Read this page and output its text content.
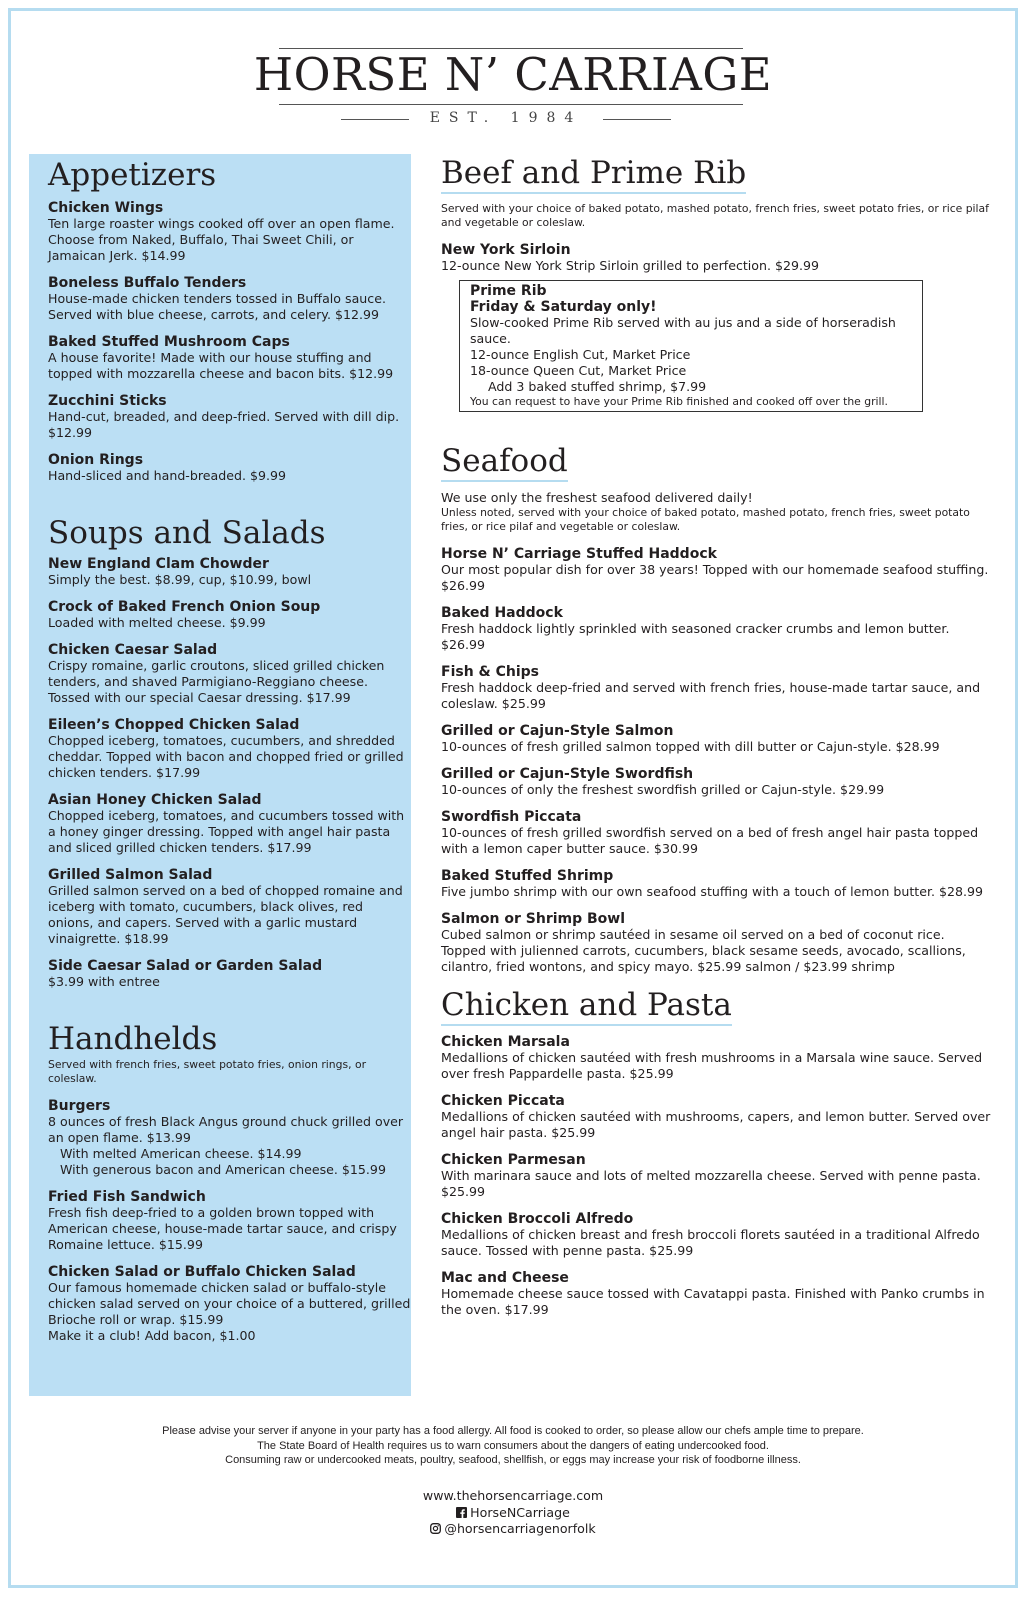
HORSE N’ CARRIAGE
EST. 1984
Appetizers
Chicken Wings
Ten large roaster wings cooked off over an open flame. Choose from Naked, Buffalo, Thai Sweet Chili, or Jamaican Jerk. $14.99
Boneless Buffalo Tenders
House-made chicken tenders tossed in Buffalo sauce. Served with blue cheese, carrots, and celery. $12.99
Baked Stuffed Mushroom Caps
A house favorite! Made with our house stuffing and topped with mozzarella cheese and bacon bits. $12.99
Zucchini Sticks
Hand-cut, breaded, and deep-fried. Served with dill dip. $12.99
Onion Rings
Hand-sliced and hand-breaded. $9.99
Soups and Salads
New England Clam Chowder
Simply the best. $8.99, cup, $10.99, bowl
Crock of Baked French Onion Soup
Loaded with melted cheese. $9.99
Chicken Caesar Salad
Crispy romaine, garlic croutons, sliced grilled chicken tenders, and shaved Parmigiano-Reggiano cheese. Tossed with our special Caesar dressing. $17.99
Eileen’s Chopped Chicken Salad
Chopped iceberg, tomatoes, cucumbers, and shredded cheddar. Topped with bacon and chopped fried or grilled chicken tenders. $17.99
Asian Honey Chicken Salad
Chopped iceberg, tomatoes, and cucumbers tossed with a honey ginger dressing. Topped with angel hair pasta and sliced grilled chicken tenders. $17.99
Grilled Salmon Salad
Grilled salmon served on a bed of chopped romaine and iceberg with tomato, cucumbers, black olives, red onions, and capers. Served with a garlic mustard vinaigrette. $18.99
Side Caesar Salad or Garden Salad
$3.99 with entree
Handhelds
Served with french fries, sweet potato fries, onion rings, or coleslaw.
Burgers
8 ounces of fresh Black Angus ground chuck grilled over an open flame. $13.99
With melted American cheese. $14.99
With generous bacon and American cheese. $15.99
Fried Fish Sandwich
Fresh fish deep-fried to a golden brown topped with American cheese, house-made tartar sauce, and crispy Romaine lettuce. $15.99
Chicken Salad or Buffalo Chicken Salad
Our famous homemade chicken salad or buffalo-style chicken salad served on your choice of a buttered, grilled Brioche roll or wrap. $15.99
Make it a club! Add bacon, $1.00
Beef and Prime Rib
Served with your choice of baked potato, mashed potato, french fries, sweet potato fries, or rice pilaf and vegetable or coleslaw.
New York Sirloin
12-ounce New York Strip Sirloin grilled to perfection. $29.99
Prime Rib
Friday & Saturday only!
Slow-cooked Prime Rib served with au jus and a side of horseradish sauce.
12-ounce English Cut, Market Price
18-ounce Queen Cut, Market Price
Add 3 baked stuffed shrimp, $7.99
You can request to have your Prime Rib finished and cooked off over the grill.
Seafood
We use only the freshest seafood delivered daily!
Unless noted, served with your choice of baked potato, mashed potato, french fries, sweet potato fries, or rice pilaf and vegetable or coleslaw.
Horse N’ Carriage Stuffed Haddock
Our most popular dish for over 38 years! Topped with our homemade seafood stuffing. $26.99
Baked Haddock
Fresh haddock lightly sprinkled with seasoned cracker crumbs and lemon butter. $26.99
Fish & Chips
Fresh haddock deep-fried and served with french fries, house-made tartar sauce, and coleslaw. $25.99
Grilled or Cajun-Style Salmon
10-ounces of fresh grilled salmon topped with dill butter or Cajun-style. $28.99
Grilled or Cajun-Style Swordfish
10-ounces of only the freshest swordfish grilled or Cajun-style. $29.99
Swordfish Piccata
10-ounces of fresh grilled swordfish served on a bed of fresh angel hair pasta topped with a lemon caper butter sauce. $30.99
Baked Stuffed Shrimp
Five jumbo shrimp with our own seafood stuffing with a touch of lemon butter. $28.99
Salmon or Shrimp Bowl
Cubed salmon or shrimp sautéed in sesame oil served on a bed of coconut rice. Topped with julienned carrots, cucumbers, black sesame seeds, avocado, scallions, cilantro, fried wontons, and spicy mayo. $25.99 salmon / $23.99 shrimp
Chicken and Pasta
Chicken Marsala
Medallions of chicken sautéed with fresh mushrooms in a Marsala wine sauce. Served over fresh Pappardelle pasta. $25.99
Chicken Piccata
Medallions of chicken sautéed with mushrooms, capers, and lemon butter. Served over angel hair pasta. $25.99
Chicken Parmesan
With marinara sauce and lots of melted mozzarella cheese. Served with penne pasta. $25.99
Chicken Broccoli Alfredo
Medallions of chicken breast and fresh broccoli florets sautéed in a traditional Alfredo sauce. Tossed with penne pasta. $25.99
Mac and Cheese
Homemade cheese sauce tossed with Cavatappi pasta. Finished with Panko crumbs in the oven. $17.99
Please advise your server if anyone in your party has a food allergy. All food is cooked to order, so please allow our chefs ample time to prepare.
The State Board of Health requires us to warn consumers about the dangers of eating undercooked food.
Consuming raw or undercooked meats, poultry, seafood, shellfish, or eggs may increase your risk of foodborne illness.
www.thehorsencarriage.com
HorseNCarriage
@horsencarriagenorfolk
